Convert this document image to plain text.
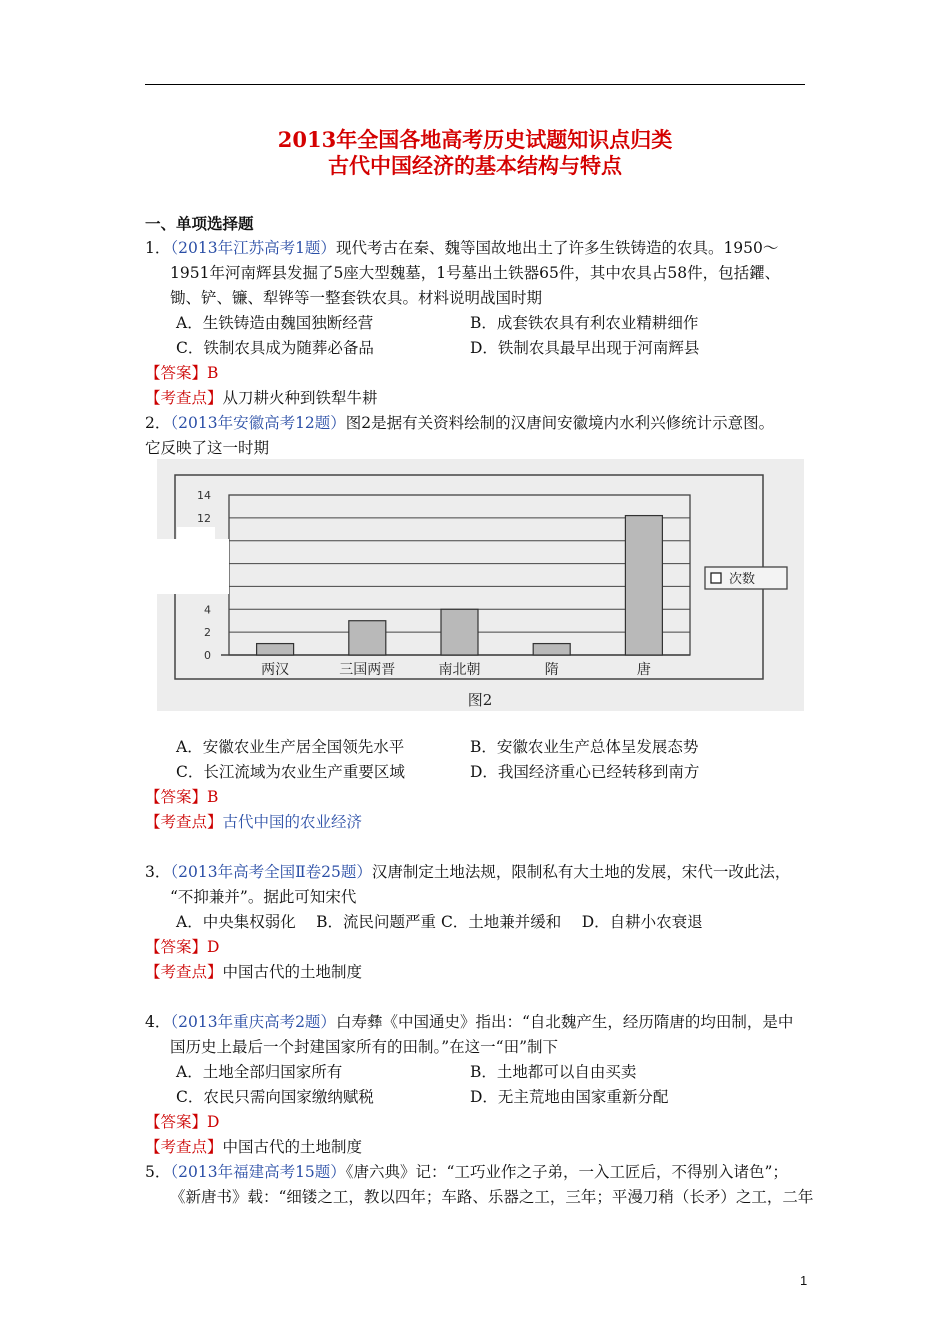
2013年全国各地高考历史试题知识点归类
古代中国经济的基本结构与特点
一、单项选择题
1．（2013年江苏高考1题）现代考古在秦、魏等国故地出土了许多生铁铸造的农具。1950～
1951年河南辉县发掘了5座大型魏墓，1号墓出土铁器65件，其中农具占58件，包括鑺、
锄、铲、镰、犁铧等一整套铁农具。材料说明战国时期
A．生铁铸造由魏国独断经营	B．成套铁农具有利农业精耕细作
C．铁制农具成为随葬必备品	D．铁制农具最早出现于河南辉县
【答案】B
【考查点】从刀耕火种到铁犁牛耕
2．（2013年安徽高考12题）图2是据有关资料绘制的汉唐间安徽境内水利兴修统计示意图。
它反映了这一时期
0
2
4
12
14
两汉	三国两晋	南北朝	隋	唐
次数
图2
A．安徽农业生产居全国领先水平	B．安徽农业生产总体呈发展态势
C．长江流域为农业生产重要区域	D．我国经济重心已经转移到南方
【答案】B
【考查点】古代中国的农业经济
3．（2013年高考全国Ⅱ卷25题）汉唐制定土地法规，限制私有大土地的发展，宋代一改此法，
“不抑兼并”。据此可知宋代
A．中央集权弱化　 B．流民问题严重 C．土地兼并缓和 　D．自耕小农衰退
【答案】D
【考查点】中国古代的土地制度
4．（2013年重庆高考2题）白寿彝《中国通史》指出：“自北魏产生，经历隋唐的均田制，是中
国历史上最后一个封建国家所有的田制。”在这一“田”制下
A．土地全部归国家所有	B．土地都可以自由买卖
C．农民只需向国家缴纳赋税	D．无主荒地由国家重新分配
【答案】D
【考查点】中国古代的土地制度
5．（2013年福建高考15题）《唐六典》记：“工巧业作之子弟，一入工匠后，不得别入诸色”；
《新唐书》载：“细镂之工，教以四年；车路、乐器之工，三年；平漫刀稍（长矛）之工，二年
1
